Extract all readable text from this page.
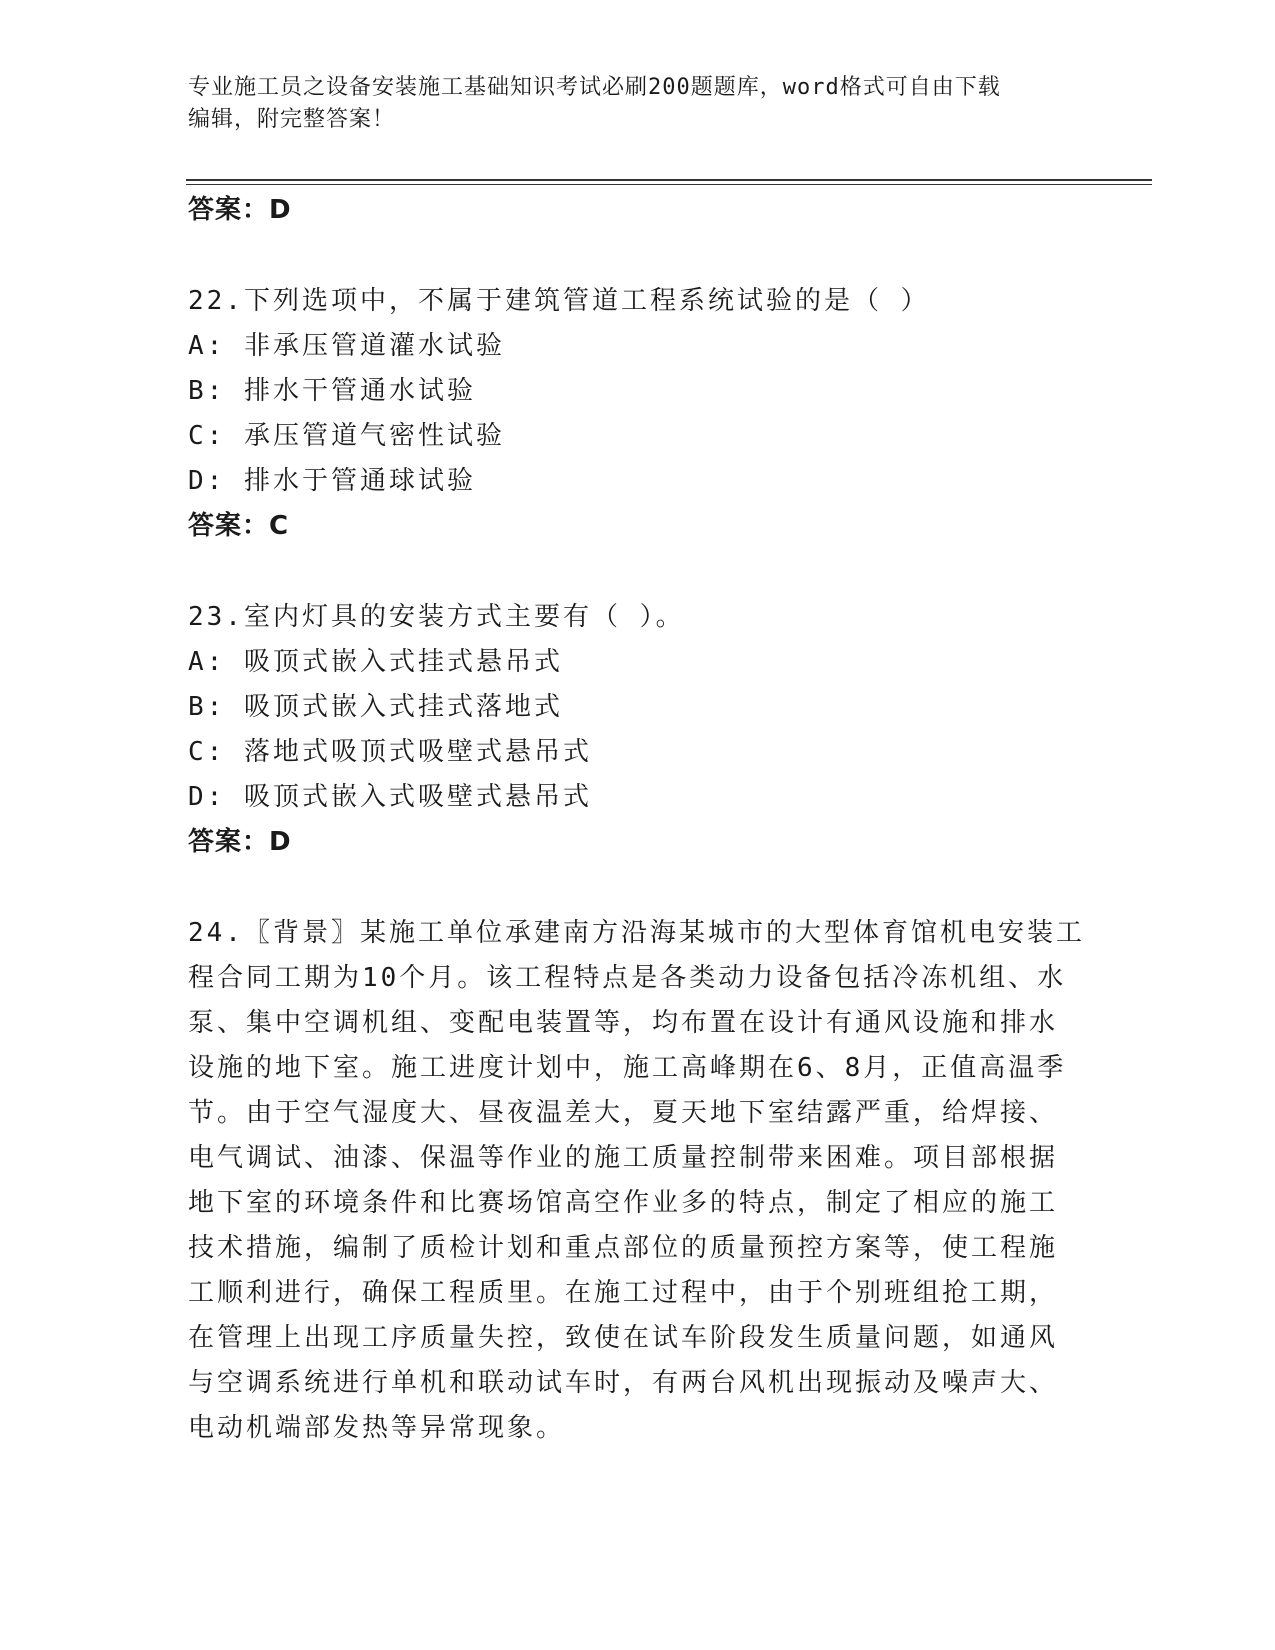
专业施工员之设备安装施工基础知识考试必刷200题题库，word格式可自由下载
编辑，附完整答案！
答案：D
22.下列选项中，不属于建筑管道工程系统试验的是（ ）
A: 非承压管道灌水试验
B: 排水干管通水试验
C: 承压管道气密性试验
D: 排水于管通球试验
答案：C
23.室内灯具的安装方式主要有（ ）。
A: 吸顶式嵌入式挂式悬吊式
B: 吸顶式嵌入式挂式落地式
C: 落地式吸顶式吸壁式悬吊式
D: 吸顶式嵌入式吸壁式悬吊式
答案：D
24.〖背景〗某施工单位承建南方沿海某城市的大型体育馆机电安装工
程合同工期为10个月。该工程特点是各类动力设备包括冷冻机组、水
泵、集中空调机组、变配电装置等，均布置在设计有通风设施和排水
设施的地下室。施工进度计划中，施工高峰期在6、8月，正值高温季
节。由于空气湿度大、昼夜温差大，夏天地下室结露严重，给焊接、
电气调试、油漆、保温等作业的施工质量控制带来困难。项目部根据
地下室的环境条件和比赛场馆高空作业多的特点，制定了相应的施工
技术措施，编制了质检计划和重点部位的质量预控方案等，使工程施
工顺利进行，确保工程质里。在施工过程中，由于个别班组抢工期，
在管理上出现工序质量失控，致使在试车阶段发生质量问题，如通风
与空调系统进行单机和联动试车时，有两台风机出现振动及噪声大、
电动机端部发热等异常现象。
